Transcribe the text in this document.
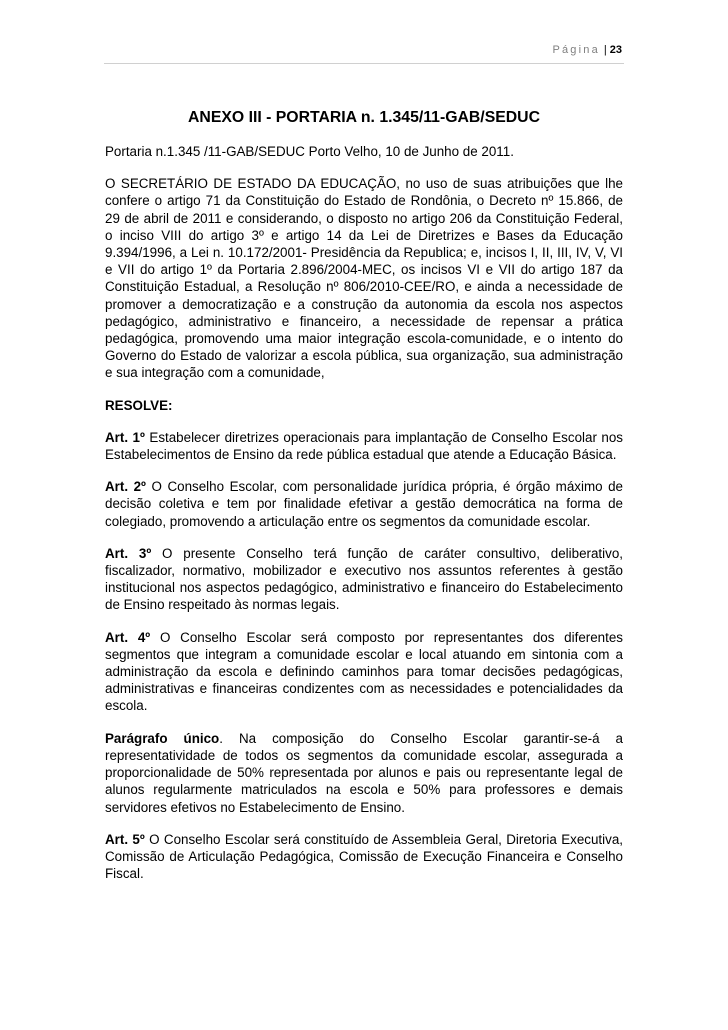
Página | 23
ANEXO III - PORTARIA n. 1.345/11-GAB/SEDUC

Portaria n.1.345 /11-GAB/SEDUC Porto Velho, 10 de Junho de 2011.

O SECRETÁRIO DE ESTADO DA EDUCAÇÃO, no uso de suas atribuições que lhe confere o artigo 71 da Constituição do Estado de Rondônia, o Decreto nº 15.866, de 29 de abril de 2011 e considerando, o disposto no artigo 206 da Constituição Federal, o inciso VIII do artigo 3º e artigo 14 da Lei de Diretrizes e Bases da Educação 9.394/1996, a Lei n. 10.172/2001- Presidência da Republica; e, incisos I, II, III, IV, V, VI e VII do artigo 1º da Portaria 2.896/2004-MEC, os incisos VI e VII do artigo 187 da Constituição Estadual, a Resolução nº 806/2010-CEE/RO, e ainda a necessidade de promover a democratização e a construção da autonomia da escola nos aspectos pedagógico, administrativo e financeiro, a necessidade de repensar a prática pedagógica, promovendo uma maior integração escola-comunidade, e o intento do Governo do Estado de valorizar a escola pública, sua organização, sua administração e sua integração com a comunidade,

RESOLVE:

Art. 1º Estabelecer diretrizes operacionais para implantação de Conselho Escolar nos Estabelecimentos de Ensino da rede pública estadual que atende a Educação Básica.

Art. 2º O Conselho Escolar, com personalidade jurídica própria, é órgão máximo de decisão coletiva e tem por finalidade efetivar a gestão democrática na forma de colegiado, promovendo a articulação entre os segmentos da comunidade escolar.

Art. 3º O presente Conselho terá função de caráter consultivo, deliberativo, fiscalizador, normativo, mobilizador e executivo nos assuntos referentes à gestão institucional nos aspectos pedagógico, administrativo e financeiro do Estabelecimento de Ensino respeitado às normas legais.

Art. 4º O Conselho Escolar será composto por representantes dos diferentes segmentos que integram a comunidade escolar e local atuando em sintonia com a administração da escola e definindo caminhos para tomar decisões pedagógicas, administrativas e financeiras condizentes com as necessidades e potencialidades da escola.

Parágrafo único. Na composição do Conselho Escolar garantir-se-á a representatividade de todos os segmentos da comunidade escolar, assegurada a proporcionalidade de 50% representada por alunos e pais ou representante legal de alunos regularmente matriculados na escola e 50% para professores e demais servidores efetivos no Estabelecimento de Ensino.

Art. 5º O Conselho Escolar será constituído de Assembleia Geral, Diretoria Executiva, Comissão de Articulação Pedagógica, Comissão de Execução Financeira e Conselho Fiscal.
